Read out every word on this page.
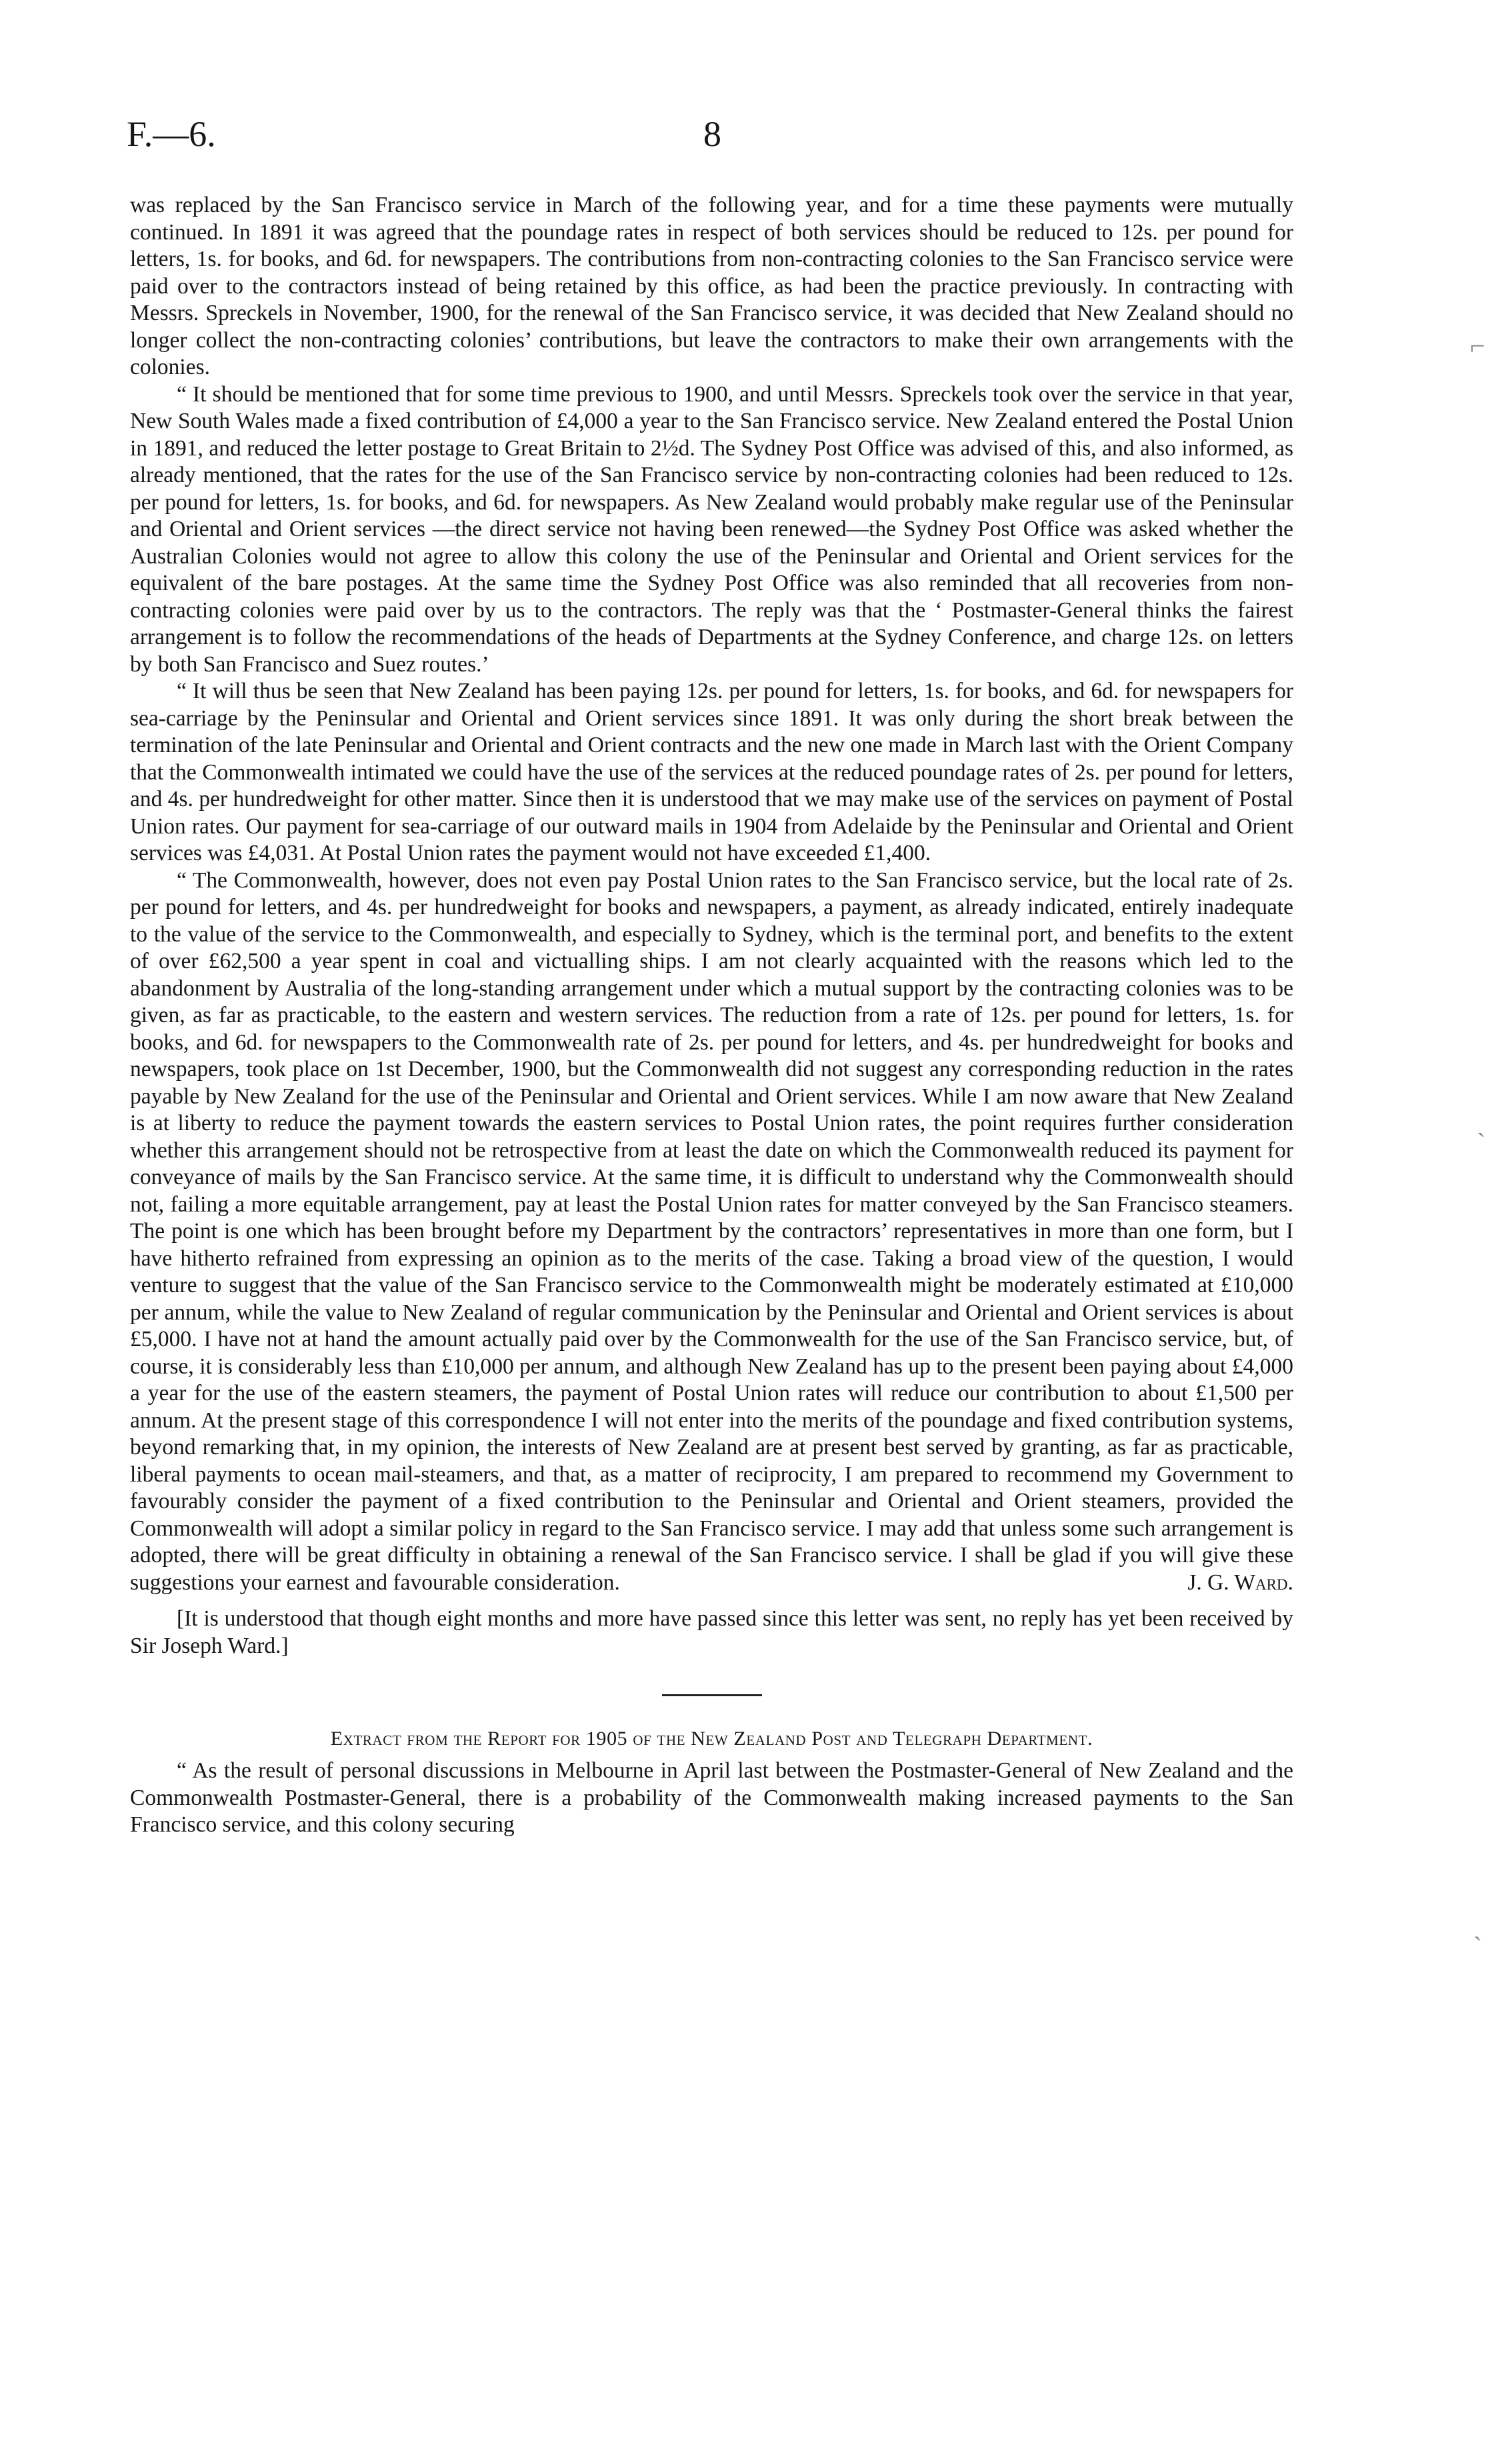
F.—6.	8

was replaced by the San Francisco service in March of the following year, and for a time these payments were mutually continued. In 1891 it was agreed that the poundage rates in respect of both services should be reduced to 12s. per pound for letters, 1s. for books, and 6d. for newspapers. The contributions from non-contracting colonies to the San Francisco service were paid over to the contractors instead of being retained by this office, as had been the practice previously. In contracting with Messrs. Spreckels in November, 1900, for the renewal of the San Francisco service, it was decided that New Zealand should no longer collect the non-contracting colonies’ contributions, but leave the contractors to make their own arrangements with the colonies.

“ It should be mentioned that for some time previous to 1900, and until Messrs. Spreckels took over the service in that year, New South Wales made a fixed contribution of £4,000 a year to the San Francisco service. New Zealand entered the Postal Union in 1891, and reduced the letter postage to Great Britain to 2½d. The Sydney Post Office was advised of this, and also informed, as already mentioned, that the rates for the use of the San Francisco service by non-contracting colonies had been reduced to 12s. per pound for letters, 1s. for books, and 6d. for newspapers. As New Zealand would probably make regular use of the Peninsular and Oriental and Orient services —the direct service not having been renewed—the Sydney Post Office was asked whether the Australian Colonies would not agree to allow this colony the use of the Peninsular and Oriental and Orient services for the equivalent of the bare postages. At the same time the Sydney Post Office was also reminded that all recoveries from non-contracting colonies were paid over by us to the contractors. The reply was that the ‘ Postmaster-General thinks the fairest arrangement is to follow the recommendations of the heads of Departments at the Sydney Conference, and charge 12s. on letters by both San Francisco and Suez routes.’

“ It will thus be seen that New Zealand has been paying 12s. per pound for letters, 1s. for books, and 6d. for newspapers for sea-carriage by the Peninsular and Oriental and Orient services since 1891. It was only during the short break between the termination of the late Peninsular and Oriental and Orient contracts and the new one made in March last with the Orient Company that the Commonwealth intimated we could have the use of the services at the reduced poundage rates of 2s. per pound for letters, and 4s. per hundredweight for other matter. Since then it is understood that we may make use of the services on payment of Postal Union rates. Our payment for sea-carriage of our outward mails in 1904 from Adelaide by the Peninsular and Oriental and Orient services was £4,031. At Postal Union rates the payment would not have exceeded £1,400.

“ The Commonwealth, however, does not even pay Postal Union rates to the San Francisco service, but the local rate of 2s. per pound for letters, and 4s. per hundredweight for books and newspapers, a payment, as already indicated, entirely inadequate to the value of the service to the Commonwealth, and especially to Sydney, which is the terminal port, and benefits to the extent of over £62,500 a year spent in coal and victualling ships. I am not clearly acquainted with the reasons which led to the abandonment by Australia of the long-standing arrangement under which a mutual support by the contracting colonies was to be given, as far as practicable, to the eastern and western services. The reduction from a rate of 12s. per pound for letters, 1s. for books, and 6d. for newspapers to the Commonwealth rate of 2s. per pound for letters, and 4s. per hundredweight for books and newspapers, took place on 1st December, 1900, but the Commonwealth did not suggest any corresponding reduction in the rates payable by New Zealand for the use of the Peninsular and Oriental and Orient services. While I am now aware that New Zealand is at liberty to reduce the payment towards the eastern services to Postal Union rates, the point requires further consideration whether this arrangement should not be retrospective from at least the date on which the Commonwealth reduced its payment for conveyance of mails by the San Francisco service. At the same time, it is difficult to understand why the Commonwealth should not, failing a more equitable arrangement, pay at least the Postal Union rates for matter conveyed by the San Francisco steamers. The point is one which has been brought before my Department by the contractors’ representatives in more than one form, but I have hitherto refrained from expressing an opinion as to the merits of the case. Taking a broad view of the question, I would venture to suggest that the value of the San Francisco service to the Commonwealth might be moderately estimated at £10,000 per annum, while the value to New Zealand of regular communication by the Peninsular and Oriental and Orient services is about £5,000. I have not at hand the amount actually paid over by the Commonwealth for the use of the San Francisco service, but, of course, it is considerably less than £10,000 per annum, and although New Zealand has up to the present been paying about £4,000 a year for the use of the eastern steamers, the payment of Postal Union rates will reduce our contribution to about £1,500 per annum. At the present stage of this correspondence I will not enter into the merits of the poundage and fixed contribution systems, beyond remarking that, in my opinion, the interests of New Zealand are at present best served by granting, as far as practicable, liberal payments to ocean mail-steamers, and that, as a matter of reciprocity, I am prepared to recommend my Government to favourably consider the payment of a fixed contribution to the Peninsular and Oriental and Orient steamers, provided the Commonwealth will adopt a similar policy in regard to the San Francisco service. I may add that unless some such arrangement is adopted, there will be great difficulty in obtaining a renewal of the San Francisco service. I shall be glad if you will give these suggestions your earnest and favourable consideration.	J. G. Ward.

[It is understood that though eight months and more have passed since this letter was sent, no reply has yet been received by Sir Joseph Ward.]

Extract from the Report for 1905 of the New Zealand Post and Telegraph Department.

“ As the result of personal discussions in Melbourne in April last between the Postmaster-General of New Zealand and the Commonwealth Postmaster-General, there is a probability of the Commonwealth making increased payments to the San Francisco service, and this colony securing

⌐
ˋ
ˏ
